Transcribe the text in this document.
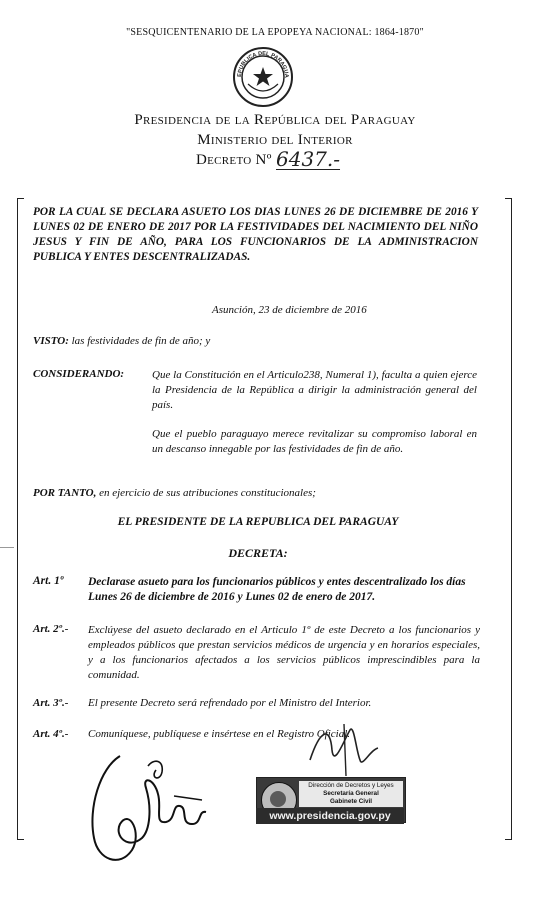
"SESQUICENTENARIO DE LA EPOPEYA NACIONAL: 1864-1870"
EPUBLICA DEL PARAGUA
Presidencia de la República del Paraguay
Ministerio del Interior
Decreto Nº 6437.-
POR LA CUAL SE DECLARA ASUETO LOS DIAS LUNES 26 DE DICIEMBRE DE 2016 Y LUNES 02 DE ENERO DE 2017 POR LA FESTIVIDADES DEL NACIMIENTO DEL NIÑO JESUS Y FIN DE AÑO, PARA LOS FUNCIONARIOS DE LA ADMINISTRACION PUBLICA Y ENTES DESCENTRALIZADAS.
Asunción, 23 de diciembre de 2016
VISTO: las festividades de fin de año; y
CONSIDERANDO:	Que la Constitución en el Articulo238, Numeral 1), faculta a quien ejerce la Presidencia de la República a dirigir la administración general del país.
Que el pueblo paraguayo merece revitalizar su compromiso laboral en un descanso innegable por las festividades de fin de año.
POR TANTO, en ejercicio de sus atribuciones constitucionales;
EL PRESIDENTE DE LA REPUBLICA DEL PARAGUAY
DECRETA:
Art. 1º Declarase asueto para los funcionarios públicos y entes descentralizado los días Lunes 26 de diciembre de 2016 y Lunes 02 de enero de 2017.
Art. 2º.- Exclúyese del asueto declarado en el Articulo 1º de este Decreto a los funcionarios y empleados públicos que prestan servicios médicos de urgencia y en horarios especiales, y a los funcionarios afectados a los servicios públicos imprescindibles para la comunidad.
Art. 3º.- El presente Decreto será refrendado por el Ministro del Interior.
Art. 4º.- Comuníquese, publíquese e insértese en el Registro Oficial.
Dirección de Decretos y Leyes
Secretaría General
Gabinete Civil
www.presidencia.gov.py
